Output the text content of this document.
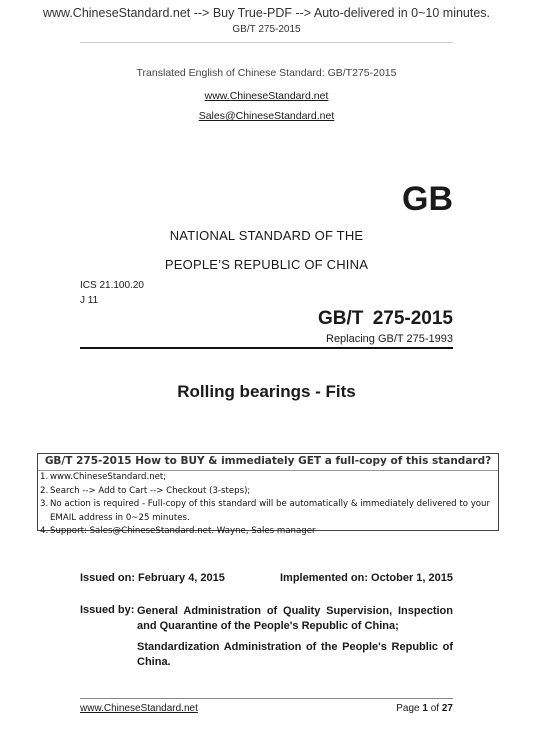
www.ChineseStandard.net --> Buy True-PDF --> Auto-delivered in 0~10 minutes.
GB/T 275-2015
Translated English of Chinese Standard: GB/T275-2015
www.ChineseStandard.net
Sales@ChineseStandard.net
GB
NATIONAL STANDARD OF THE
PEOPLE’S REPUBLIC OF CHINA
ICS 21.100.20
J 11
GB/T 275-2015
Replacing GB/T 275-1993
Rolling bearings - Fits
GB/T 275-2015 How to BUY & immediately GET a full-copy of this standard?
1. www.ChineseStandard.net;
2. Search --> Add to Cart --> Checkout (3-steps);
3. No action is required - Full-copy of this standard will be automatically & immediately delivered to your EMAIL address in 0~25 minutes.
4. Support: Sales@ChineseStandard.net. Wayne, Sales manager
Issued on: February 4, 2015	Implemented on: October 1, 2015
Issued by: General Administration of Quality Supervision, Inspection and Quarantine of the People's Republic of China;

Standardization Administration of the People's Republic of China.

www.ChineseStandard.net	Page 1 of 27
